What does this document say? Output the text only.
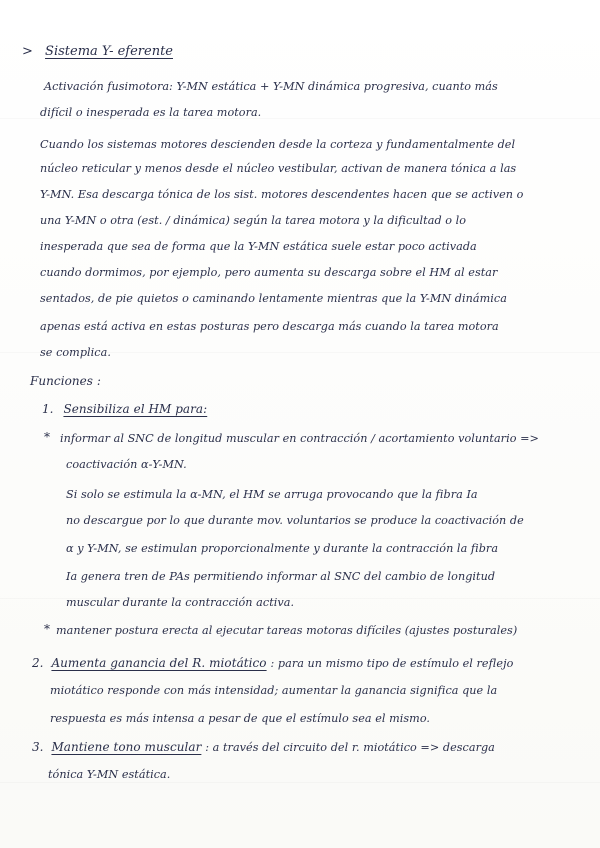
> Sistema Y- eferente
Activación fusimotora: Y-MN estática + Y-MN dinámica progresiva, cuanto más
difícil o inesperada es la tarea motora.
Cuando los sistemas motores descienden desde la corteza y fundamentalmente del
núcleo reticular y menos desde el núcleo vestibular, activan de manera tónica a las
Y-MN. Esa descarga tónica de los sist. motores descendentes hacen que se activen o
una Y-MN o otra (est. / dinámica) según la tarea motora y la dificultad o lo
inesperada que sea de forma que la Y-MN estática suele estar poco activada
cuando dormimos, por ejemplo, pero aumenta su descarga sobre el HM al estar
sentados, de pie quietos o caminando lentamente mientras que la Y-MN dinámica
apenas está activa en estas posturas pero descarga más cuando la tarea motora
se complica.
Funciones :
1. Sensibiliza el HM para:
* informar al SNC de longitud muscular en contracción / acortamiento voluntario =>
coactivación α-Y-MN.
Si solo se estimula la α-MN, el HM se arruga provocando que la fibra Ia
no descargue por lo que durante mov. voluntarios se produce la coactivación de
α y Y-MN, se estimulan proporcionalmente y durante la contracción la fibra
Ia genera tren de PAs permitiendo informar al SNC del cambio de longitud
muscular durante la contracción activa.
* mantener postura erecta al ejecutar tareas motoras difíciles (ajustes posturales)
2. Aumenta ganancia del R. miotático : para un mismo tipo de estímulo el reflejo
miotático responde con más intensidad; aumentar la ganancia significa que la
respuesta es más intensa a pesar de que el estímulo sea el mismo.
3. Mantiene tono muscular : a través del circuito del r. miotático => descarga
tónica Y-MN estática.
